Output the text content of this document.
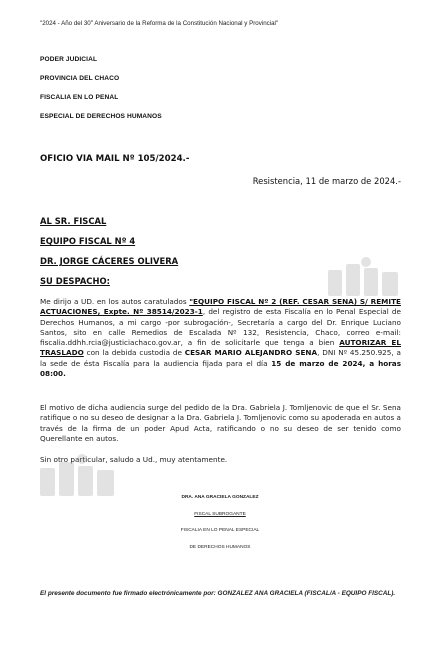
"2024 - Año del 30$^o$ Aniversario de la Reforma de la Constitución Nacional y Provincial"
PODER JUDICIAL
PROVINCIA DEL CHACO
FISCALIA EN LO PENAL
ESPECIAL DE DERECHOS HUMANOS
OFICIO VIA MAIL Nº 105/2024.-
Resistencia, 11 de marzo de 2024.-
AL SR. FISCAL
EQUIPO FISCAL Nº 4
DR. JORGE CÁCERES OLIVERA
SU DESPACHO:
Me dirijo a UD. en los autos caratulados "EQUIPO FISCAL Nº 2 (REF. CESAR SENA) S/ REMITE ACTUACIONES, Expte. Nº 38514/2023-1, del registro de esta Fiscalía en lo Penal Especial de Derechos Humanos, a mi cargo -por subrogación-, Secretaría a cargo del Dr. Enrique Luciano Santos, sito en calle Remedios de Escalada Nº 132, Resistencia, Chaco, correo e-mail: fiscalia.ddhh.rcia@justiciachaco.gov.ar, a fin de solicitarle que tenga a bien AUTORIZAR EL TRASLADO con la debida custodia de CESAR MARIO ALEJANDRO SENA, DNI Nº 45.250.925, a la sede de ésta Fiscalía para la audiencia fijada para el día 15 de marzo de 2024, a horas 08:00.
El motivo de dicha audiencia surge del pedido de la Dra. Gabriela J. Tomljenovic de que el Sr. Sena ratifique o no su deseo de designar a la Dra. Gabriela J. Tomljenovic como su apoderada en autos a través de la firma de un poder Apud Acta, ratificando o no su deseo de ser tenido como Querellante en autos.
Sin otro particular, saludo a Ud., muy atentamente.
DRA. ANA GRACIELA GONZALEZ
FISCAL SUBROGANTE
FISCALIA EN LO PENAL ESPECIAL
DE DERECHOS HUMANOS
El presente documento fue firmado electrónicamente por: GONZALEZ ANA GRACIELA (FISCAL/A - EQUIPO FISCAL).
